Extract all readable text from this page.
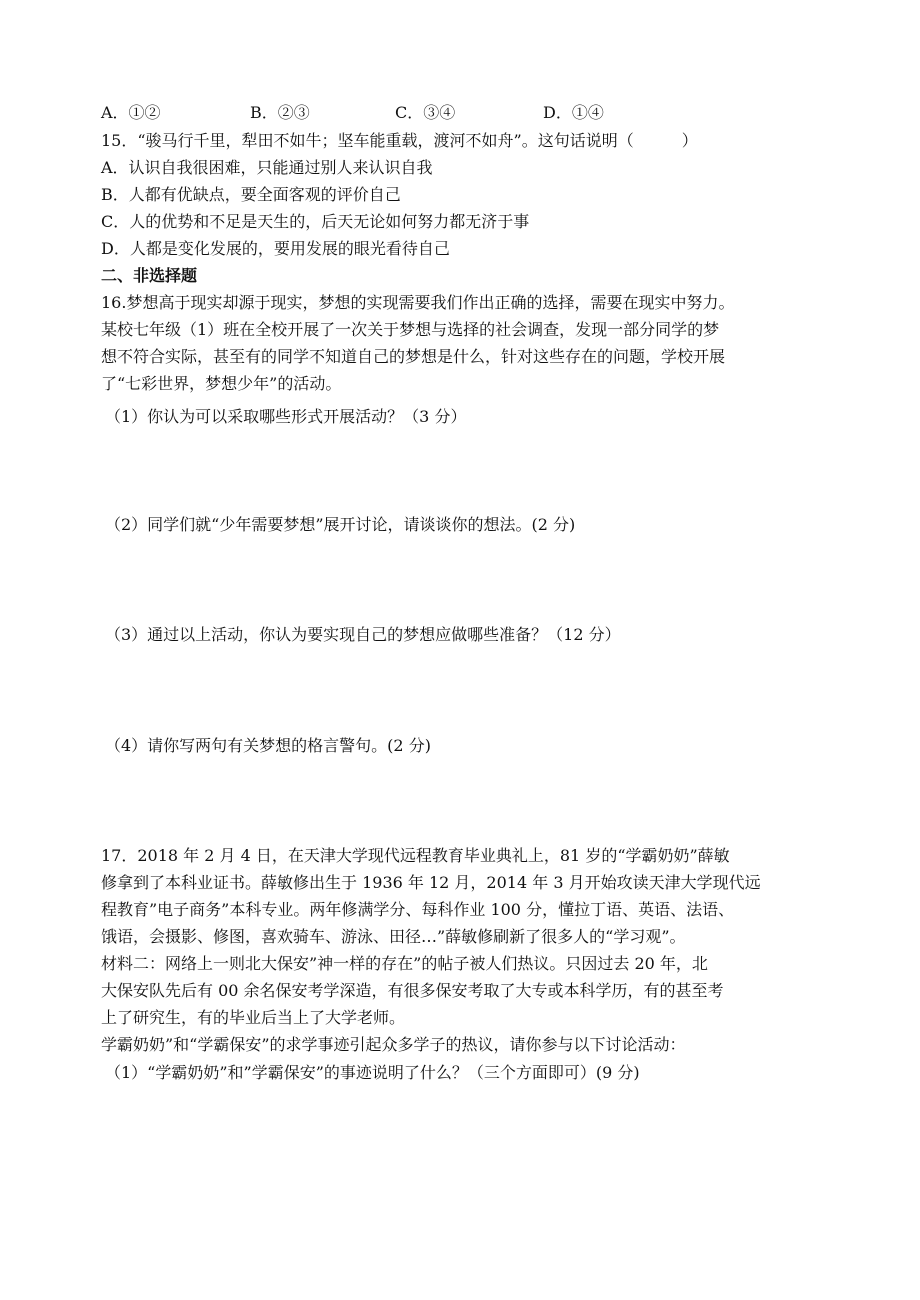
A．①②	B．②③	C．③④	D．①④
15．“骏马行千里，犁田不如牛；坚车能重载，渡河不如舟”。这句话说明（　　　）
A．认识自我很困难，只能通过别人来认识自我
B．人都有优缺点，要全面客观的评价自己
C．人的优势和不足是天生的，后天无论如何努力都无济于事
D．人都是变化发展的，要用发展的眼光看待自己
二、非选择题
16.梦想高于现实却源于现实，梦想的实现需要我们作出正确的选择，需要在现实中努力。
某校七年级（1）班在全校开展了一次关于梦想与选择的社会调查，发现一部分同学的梦
想不符合实际，甚至有的同学不知道自己的梦想是什么，针对这些存在的问题，学校开展
了“七彩世界，梦想少年”的活动。
（1）你认为可以采取哪些形式开展活动？（3 分）
（2）同学们就“少年需要梦想”展开讨论，请谈谈你的想法。(2 分)
（3）通过以上活动，你认为要实现自己的梦想应做哪些准备？（12 分）
（4）请你写两句有关梦想的格言警句。(2 分)
17．2018 年 2 月 4 日，在天津大学现代远程教育毕业典礼上，81 岁的“学霸奶奶”薛敏
修拿到了本科业证书。薛敏修出生于 1936 年 12 月，2014 年 3 月开始攻读天津大学现代远
程教育”电子商务”本科专业。两年修满学分、每科作业 100 分，懂拉丁语、英语、法语、
饿语，会摄影、修图，喜欢骑车、游泳、田径…”薛敏修刷新了很多人的“学习观”。
材料二：网络上一则北大保安”神一样的存在”的帖子被人们热议。只因过去 20 年，北
大保安队先后有 00 余名保安考学深造，有很多保安考取了大专或本科学历，有的甚至考
上了研究生，有的毕业后当上了大学老师。
学霸奶奶”和“学霸保安”的求学事迹引起众多学子的热议，请你参与以下讨论活动：
（1）“学霸奶奶”和”学霸保安”的事迹说明了什么？（三个方面即可）(9 分)
